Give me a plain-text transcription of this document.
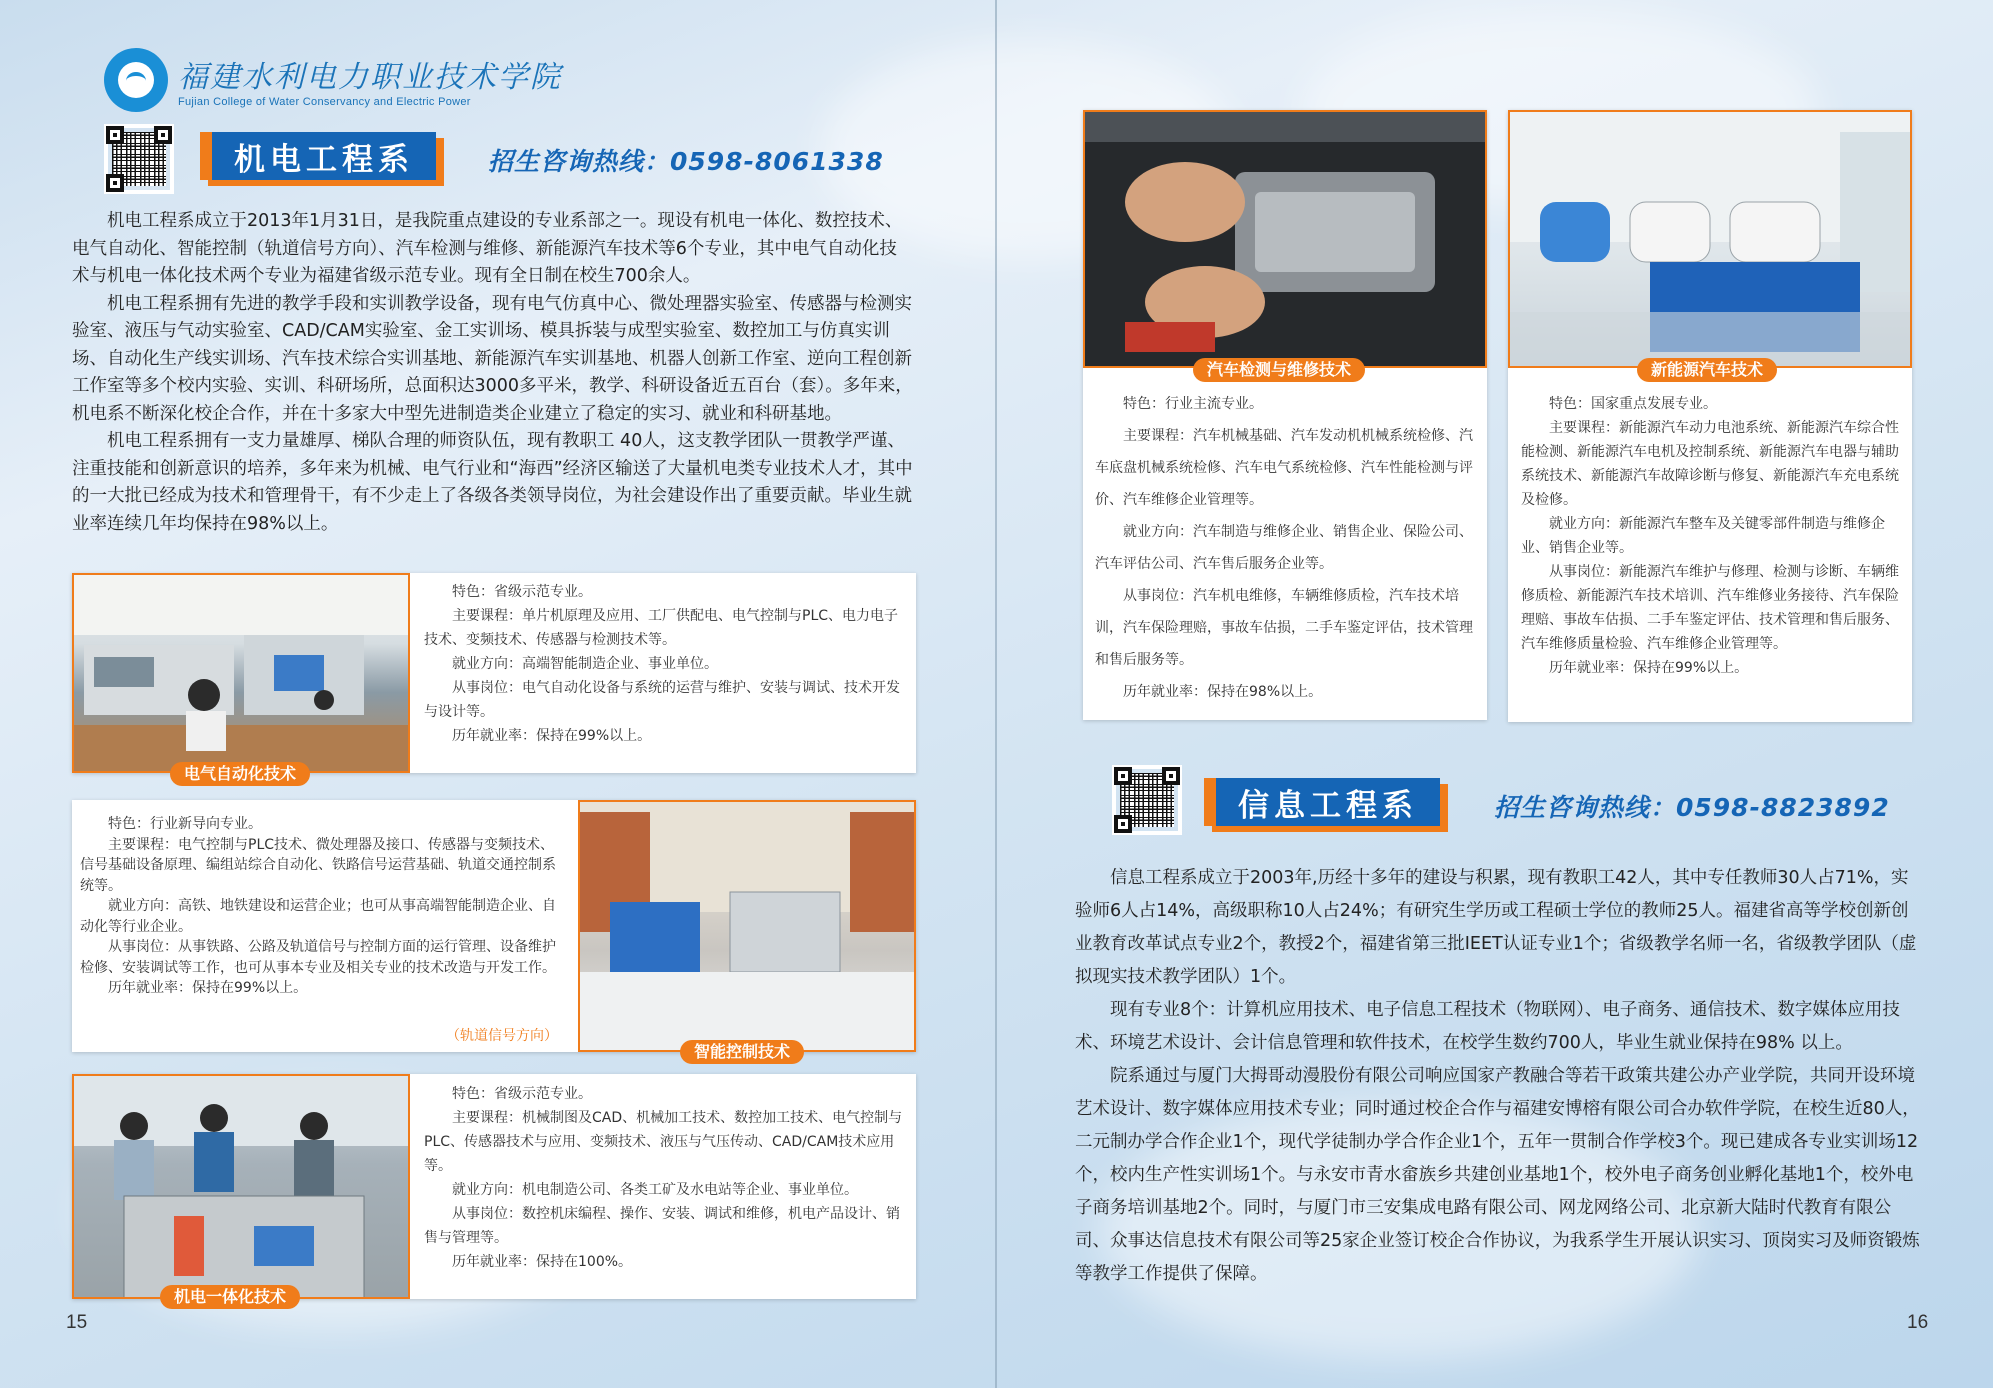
福建水利电力职业技术学院
Fujian College of Water Conservancy and Electric Power
机电工程系	招生咨询热线：0598-8061338

机电工程系成立于2013年1月31日，是我院重点建设的专业系部之一。现设有机电一体化、数控技术、电气自动化、智能控制（轨道信号方向）、汽车检测与维修、新能源汽车技术等6个专业，其中电气自动化技术与机电一体化技术两个专业为福建省级示范专业。现有全日制在校生700余人。

机电工程系拥有先进的教学手段和实训教学设备，现有电气仿真中心、微处理器实验室、传感器与检测实验室、液压与气动实验室、CAD/CAM实验室、金工实训场、模具拆装与成型实验室、数控加工与仿真实训场、自动化生产线实训场、汽车技术综合实训基地、新能源汽车实训基地、机器人创新工作室、逆向工程创新工作室等多个校内实验、实训、科研场所，总面积达3000多平米，教学、科研设备近五百台（套）。多年来，机电系不断深化校企合作，并在十多家大中型先进制造类企业建立了稳定的实习、就业和科研基地。

机电工程系拥有一支力量雄厚、梯队合理的师资队伍，现有教职工 40人，这支教学团队一贯教学严谨、注重技能和创新意识的培养，多年来为机械、电气行业和“海西”经济区输送了大量机电类专业技术人才，其中的一大批已经成为技术和管理骨干，有不少走上了各级各类领导岗位，为社会建设作出了重要贡献。毕业生就业率连续几年均保持在98%以上。

电气自动化技术

特色：省级示范专业。

主要课程：单片机原理及应用、工厂供配电、电气控制与PLC、电力电子技术、变频技术、传感器与检测技术等。

就业方向：高端智能制造企业、事业单位。

从事岗位：电气自动化设备与系统的运营与维护、安装与调试、技术开发与设计等。

历年就业率：保持在99%以上。

特色：行业新导向专业。

主要课程：电气控制与PLC技术、微处理器及接口、传感器与变频技术、信号基础设备原理、编组站综合自动化、铁路信号运营基础、轨道交通控制系统等。

就业方向：高铁、地铁建设和运营企业；也可从事高端智能制造企业、自动化等行业企业。

从事岗位：从事铁路、公路及轨道信号与控制方面的运行管理、设备维护检修、安装调试等工作，也可从事本专业及相关专业的技术改造与开发工作。

历年就业率：保持在99%以上。

（轨道信号方向）
智能控制技术
机电一体化技术

特色：省级示范专业。

主要课程：机械制图及CAD、机械加工技术、数控加工技术、电气控制与PLC、传感器技术与应用、变频技术、液压与气压传动、CAD/CAM技术应用等。

就业方向：机电制造公司、各类工矿及水电站等企业、事业单位。

从事岗位：数控机床编程、操作、安装、调试和维修，机电产品设计、销售与管理等。

历年就业率：保持在100%。

15
汽车检测与维修技术

特色：行业主流专业。

主要课程：汽车机械基础、汽车发动机机械系统检修、汽车底盘机械系统检修、汽车电气系统检修、汽车性能检测与评价、汽车维修企业管理等。

就业方向：汽车制造与维修企业、销售企业、保险公司、汽车评估公司、汽车售后服务企业等。

从事岗位：汽车机电维修，车辆维修质检，汽车技术培训，汽车保险理赔，事故车估损，二手车鉴定评估，技术管理和售后服务等。

历年就业率：保持在98%以上。

新能源汽车技术

特色：国家重点发展专业。

主要课程：新能源汽车动力电池系统、新能源汽车综合性能检测、新能源汽车电机及控制系统、新能源汽车电器与辅助系统技术、新能源汽车故障诊断与修复、新能源汽车充电系统及检修。

就业方向：新能源汽车整车及关键零部件制造与维修企业、销售企业等。

从事岗位：新能源汽车维护与修理、检测与诊断、车辆维修质检、新能源汽车技术培训、汽车维修业务接待、汽车保险理赔、事故车估损、二手车鉴定评估、技术管理和售后服务、汽车维修质量检验、汽车维修企业管理等。

历年就业率：保持在99%以上。

信息工程系	招生咨询热线：0598-8823892

信息工程系成立于2003年,历经十多年的建设与积累，现有教职工42人，其中专任教师30人占71%，实验师6人占14%，高级职称10人占24%；有研究生学历或工程硕士学位的教师25人。福建省高等学校创新创业教育改革试点专业2个，教授2个，福建省第三批IEET认证专业1个；省级教学名师一名，省级教学团队（虚拟现实技术教学团队）1个。

现有专业8个：计算机应用技术、电子信息工程技术（物联网）、电子商务、通信技术、数字媒体应用技术、环境艺术设计、会计信息管理和软件技术，在校学生数约700人，毕业生就业保持在98% 以上。

院系通过与厦门大拇哥动漫股份有限公司响应国家产教融合等若干政策共建公办产业学院，共同开设环境艺术设计、数字媒体应用技术专业；同时通过校企合作与福建安博榕有限公司合办软件学院，在校生近80人，二元制办学合作企业1个，现代学徒制办学合作企业1个，五年一贯制合作学校3个。现已建成各专业实训场12个，校内生产性实训场1个。与永安市青水畲族乡共建创业基地1个，校外电子商务创业孵化基地1个，校外电子商务培训基地2个。同时，与厦门市三安集成电路有限公司、网龙网络公司、北京新大陆时代教育有限公司、众事达信息技术有限公司等25家企业签订校企合作协议，为我系学生开展认识实习、顶岗实习及师资锻炼等教学工作提供了保障。

16
